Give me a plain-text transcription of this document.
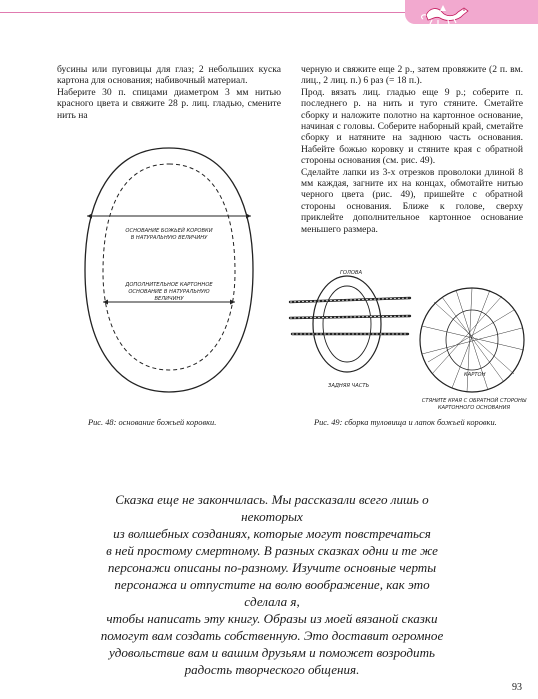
бусины или пуговицы для глаз; 2 небольших куска картона для основания; набивочный материал.

Наберите 30 п. спицами диаметром 3 мм нитью красного цвета и свяжите 28 р. лиц. гладью, смените нить на

черную и свяжите еще 2 р., затем провяжите (2 п. вм. лиц., 2 лиц. п.) 6 раз (= 18 п.).

Прод. вязать лиц. гладью еще 9 р.; соберите п. последнего р. на нить и туго стяните. Сметайте сборку и наложите полотно на картонное основание, начиная с головы. Соберите наборный край, сметайте сборку и натяните на заднюю часть основания. Набейте божью коровку и стяните края с обратной стороны основания (см. рис. 49).

Сделайте лапки из 3-х отрезков проволоки длиной 8 мм каждая, загните их на концах, обмотайте нитью черного цвета (рис. 49), пришейте с обратной стороны основания. Ближе к голове, сверху приклейте дополнительное картонное основание меньшего размера.

ОСНОВАНИЕ БОЖЬЕЙ КОРОВКИ
В НАТУРАЛЬНУЮ ВЕЛИЧИНУ
ДОПОЛНИТЕЛЬНОЕ КАРТОННОЕ
ОСНОВАНИЕ В НАТУРАЛЬНУЮ
ВЕЛИЧИНУ
Рис. 48: основание божьей коровки.
ГОЛОВА
ЗАДНЯЯ ЧАСТЬ
КАРТОН
СТЯНИТЕ КРАЯ С ОБРАТНОЙ СТОРОНЫ
КАРТОННОГО ОСНОВАНИЯ
Рис. 49: сборка туловища и лапок божьей коровки.
Сказка еще не закончилась. Мы рассказали всего лишь о некоторых
из волшебных созданиях, которые могут повстречаться
в ней простому смертному. В разных сказках одни и те же
персонажи описаны по-разному. Изучите основные черты
персонажа и отпустите на волю воображение, как это сделала я,
чтобы написать эту книгу. Образы из моей вязаной сказки
помогут вам создать собственную. Это доставит огромное
удовольствие вам и вашим друзьям и поможет возродить
радость творческого общения.
93
